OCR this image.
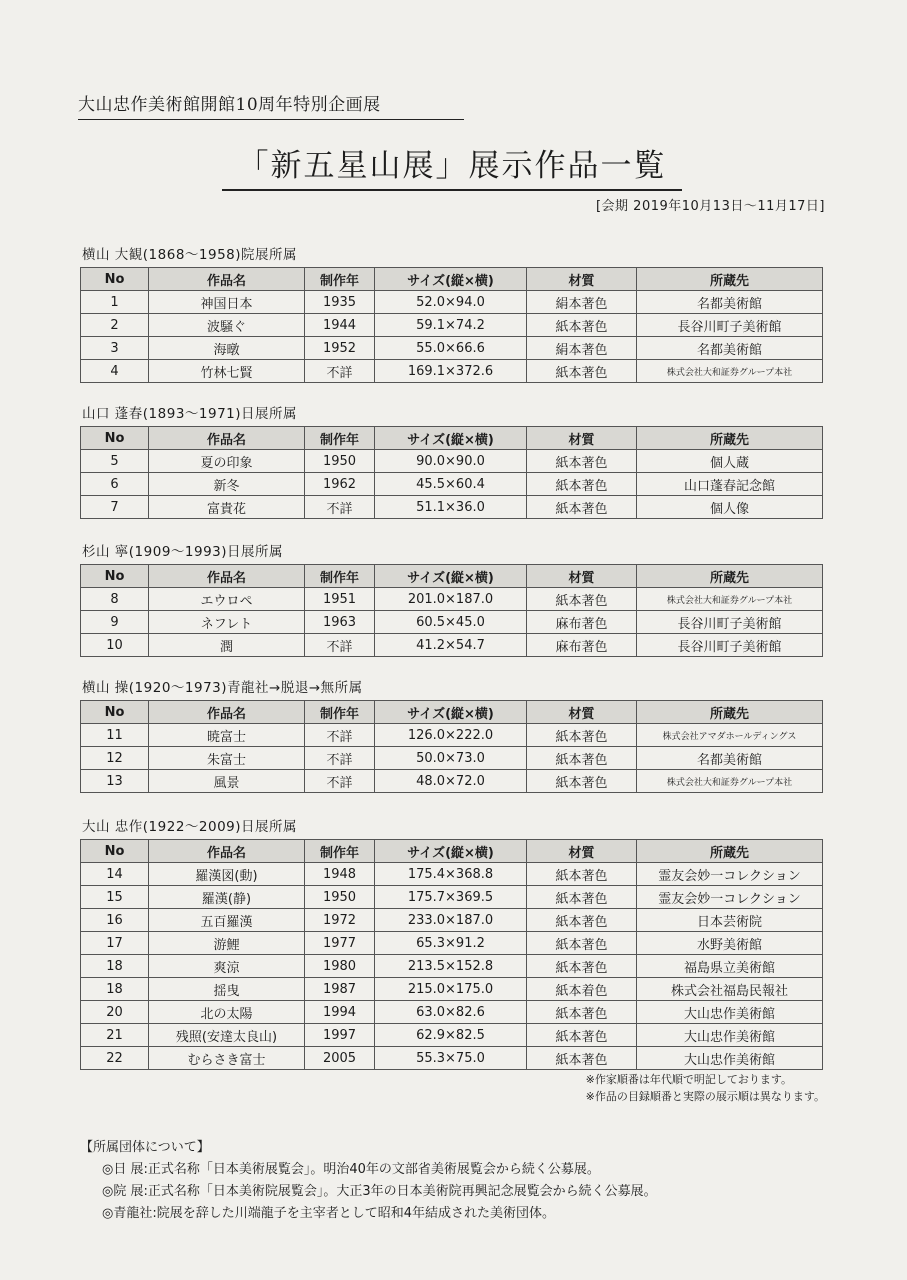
大山忠作美術館開館10周年特別企画展
「新五星山展」展示作品一覧
[会期 2019年10月13日〜11月17日]
横山 大観(1868〜1958)院展所属
No	作品名	制作年	サイズ(縦×横)	材質	所蔵先
1	神国日本	1935	52.0×94.0	絹本著色	名都美術館
2	波騒ぐ	1944	59.1×74.2	紙本著色	長谷川町子美術館
3	海暾	1952	55.0×66.6	絹本著色	名都美術館
4	竹林七賢	不詳	169.1×372.6	紙本著色	株式会社大和証券グループ本社
山口 蓬春(1893〜1971)日展所属
No	作品名	制作年	サイズ(縦×横)	材質	所蔵先
5	夏の印象	1950	90.0×90.0	紙本著色	個人蔵
6	新冬	1962	45.5×60.4	紙本著色	山口蓬春記念館
7	富貴花	不詳	51.1×36.0	紙本著色	個人像
杉山 寧(1909〜1993)日展所属
No	作品名	制作年	サイズ(縦×横)	材質	所蔵先
8	エウロペ	1951	201.0×187.0	紙本著色	株式会社大和証券グループ本社
9	ネフレト	1963	60.5×45.0	麻布著色	長谷川町子美術館
10	潤	不詳	41.2×54.7	麻布著色	長谷川町子美術館
横山 操(1920〜1973)青龍社→脱退→無所属
No	作品名	制作年	サイズ(縦×横)	材質	所蔵先
11	暁富士	不詳	126.0×222.0	紙本著色	株式会社アマダホールディングス
12	朱富士	不詳	50.0×73.0	紙本著色	名都美術館
13	風景	不詳	48.0×72.0	紙本著色	株式会社大和証券グループ本社
大山 忠作(1922〜2009)日展所属
No	作品名	制作年	サイズ(縦×横)	材質	所蔵先
14	羅漢図(動)	1948	175.4×368.8	紙本著色	霊友会妙一コレクション
15	羅漢(静)	1950	175.7×369.5	紙本著色	霊友会妙一コレクション
16	五百羅漢	1972	233.0×187.0	紙本著色	日本芸術院
17	游鯉	1977	65.3×91.2	紙本著色	水野美術館
18	爽涼	1980	213.5×152.8	紙本著色	福島県立美術館
18	揺曳	1987	215.0×175.0	紙本着色	株式会社福島民報社
20	北の太陽	1994	63.0×82.6	紙本著色	大山忠作美術館
21	残照(安達太良山)	1997	62.9×82.5	紙本著色	大山忠作美術館
22	むらさき富士	2005	55.3×75.0	紙本著色	大山忠作美術館
※作家順番は年代順で明記しております。
※作品の目録順番と実際の展示順は異なります。
【所属団体について】
◎日 展:正式名称「日本美術展覧会」。明治40年の文部省美術展覧会から続く公募展。
◎院 展:正式名称「日本美術院展覧会」。大正3年の日本美術院再興記念展覧会から続く公募展。
◎青龍社:院展を辞した川端龍子を主宰者として昭和4年結成された美術団体。
